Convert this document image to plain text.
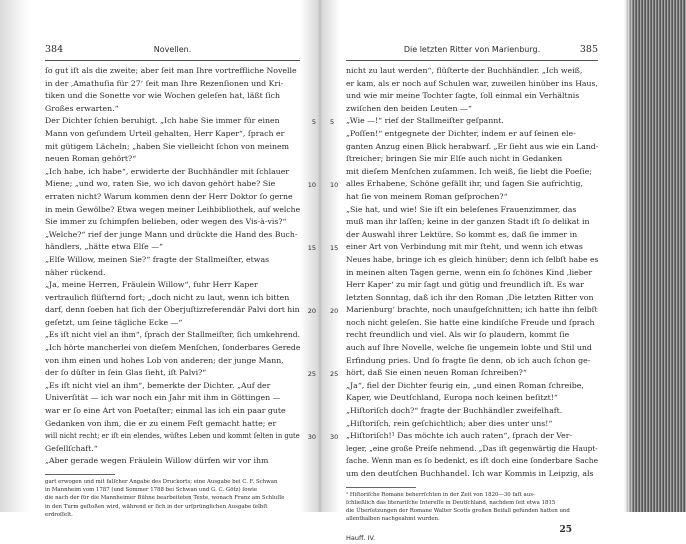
384	Novellen.
ſo gut iſt als die zweite; aber ſeit man Ihre vortreffliche Novelle
in der ‚Amathuſia für 27‘ ſeit man Ihre Rezenſionen und Kri-
tiken und die Sonette vor wie Wochen geleſen hat, läßt ſich
Großes erwarten.“
Der Dichter ſchien beruhigt. „Ich habe Sie immer für einen	5
Mann von geſundem Urteil gehalten, Herr Kaper“, ſprach er
mit gütigem Lächeln; „haben Sie vielleicht ſchon von meinem
neuen Roman gehört?“
„Ich habe, ich habe“, erwiderte der Buchhändler mit ſchlauer
Miene; „und wo, raten Sie, wo ich davon gehört habe? Sie	10
erraten nicht? Warum kommen denn der Herr Doktor ſo gerne
in mein Gewölbe? Etwa wegen meiner Leihbibliothek, auf welche
Sie immer zu ſchimpfen belieben, oder wegen des Vis-à-vis?“
„Welche?“ rief der junge Mann und drückte die Hand des Buch-
händlers, „hätte etwa Elſe —“	15
„Elſe Willow, meinen Sie?“ fragte der Stallmeiſter, etwas
näher rückend.
„Ja, meine Herren, Fräulein Willow“, fuhr Herr Kaper
vertraulich flüſternd fort; „doch nicht zu laut, wenn ich bitten
darf, denn ſoeben hat ſich der Oberjuſtizreferendär Palvi dort hin 20
geſetzt, um ſeine tägliche Ecke —“
„Es iſt nicht viel an ihm“, ſprach der Stallmeiſter, ſich umkehrend.
„Ich hörte mancherlei von dieſem Menſchen, ſonderbares Gerede
von ihm einen und hohes Lob von anderen; der junge Mann,
der ſo düſter in ſein Glas ſieht, iſt Palvi?“	25
„Es iſt nicht viel an ihm“, bemerkte der Dichter. „Auf der
Univerſität — ich war noch ein Jahr mit ihm in Göttingen —
war er ſo eine Art von Poetaſter; einmal las ich ein paar gute
Gedanken von ihm, die er zu einem Feſt gemacht hatte; er
will nicht recht; er iſt ein elendes, wüſtes Leben und kommt ſelten in gute 30
Geſellſchaft.“
„Aber gerade wegen Fräulein Willow dürfen wir vor ihm
gart erwogen und mit falſcher Angabe des Druckorts; eine Ausgabe bei C. F. Schwan
in Mannheim vom 1787 (und Sommer 1788 bei Schwan und G. C. Götz) ſowie
die nach der für die Mannheimer Bühne bearbeiteten Texte, wonach Franz am Schluſſe
in den Turm geſtoßen wird, während er ſich in der urſprünglichen Ausgabe ſelbſt
erdroſſelt.
Die letzten Ritter von Marienburg.	385
nicht zu laut werden“, flüſterte der Buchhändler. „Ich weiß,
er kam, als er noch auf Schulen war, zuweilen hinüber ins Haus,
und wie mir meine Tochter ſagte, ſoll einmal ein Verhältnis
zwiſchen den beiden Leuten —“
„Wie —!“ rief der Stallmeiſter geſpannt.
5
„Poſſen!“ entgegnete der Dichter, indem er auf ſeinen ele-
ganten Anzug einen Blick herabwarf. „Er ſieht aus wie ein Land-
ſtreicher; bringen Sie mir Elſe auch nicht in Gedanken
mit dieſem Menſchen zuſammen. Ich weiß, ſie liebt die Poeſie;
alles Erhabene, Schöne gefällt ihr, und ſagen Sie aufrichtig,
10
hat ſie von meinem Roman geſprochen?“
„Sie hat, und wie! Sie iſt ein beleſenes Frauenzimmer, das
muß man ihr laſſen; keine in der ganzen Stadt iſt ſo delikat in
der Auswahl ihrer Lektüre. So kommt es, daß ſie immer in
einer Art von Verbindung mit mir ſteht, und wenn ich etwas
15
Neues habe, bringe ich es gleich hinüber; denn ich ſelbſt habe es
in meinen alten Tagen gerne, wenn ein ſo ſchönes Kind ‚lieber
Herr Kaper‘ zu mir ſagt und gütig und freundlich iſt. Es war
letzten Sonntag, daß ich ihr den Roman ‚Die letzten Ritter von
Marienburg‘ brachte, noch unaufgeſchnitten; ich hatte ihn ſelbſt
20
noch nicht geleſen. Sie hatte eine kindiſche Freude und ſprach
recht freundlich und viel. Als wir ſo plaudern, kommt ſie
auch auf Ihre Novelle, welche ſie ungemein lobte und Stil und
Erfindung pries. Und ſo fragte ſie denn, ob ich auch ſchon ge-
hört, daß Sie einen neuen Roman ſchreiben?“
25
„Ja“, fiel der Dichter feurig ein, „und einen Roman ſchreibe,
Kaper, wie Deutſchland, Europa noch keinen beſitzt!“
„Hiſtoriſch doch?“ fragte der Buchhändler zweifelhaft.
„Hiſtoriſch, rein geſchichtlich; aber dies unter uns!“
„Hiſtoriſch!¹ Das möchte ich auch raten“, ſprach der Ver-
30
leger, „eine große Preiſe nehmend. „Das iſt gegenwärtig die Haupt-
ſache. Wenn man es ſo bedenkt, es iſt doch eine ſonderbare Sache
um den deutſchen Buchhandel. Ich war Kommis in Leipzig, als
¹ Hiſtoriſche Romane beherrſchten in der Zeit von 1820—30 faſt aus-
ſchließlich das literariſche Intereſſe in Deutſchland, nachdem ſeit etwa 1815
die Überſetzungen der Romane Walter Scotts großen Beifall gefunden hatten und
allenthalben nachgeahmt wurden.
Hauff. IV.
25
